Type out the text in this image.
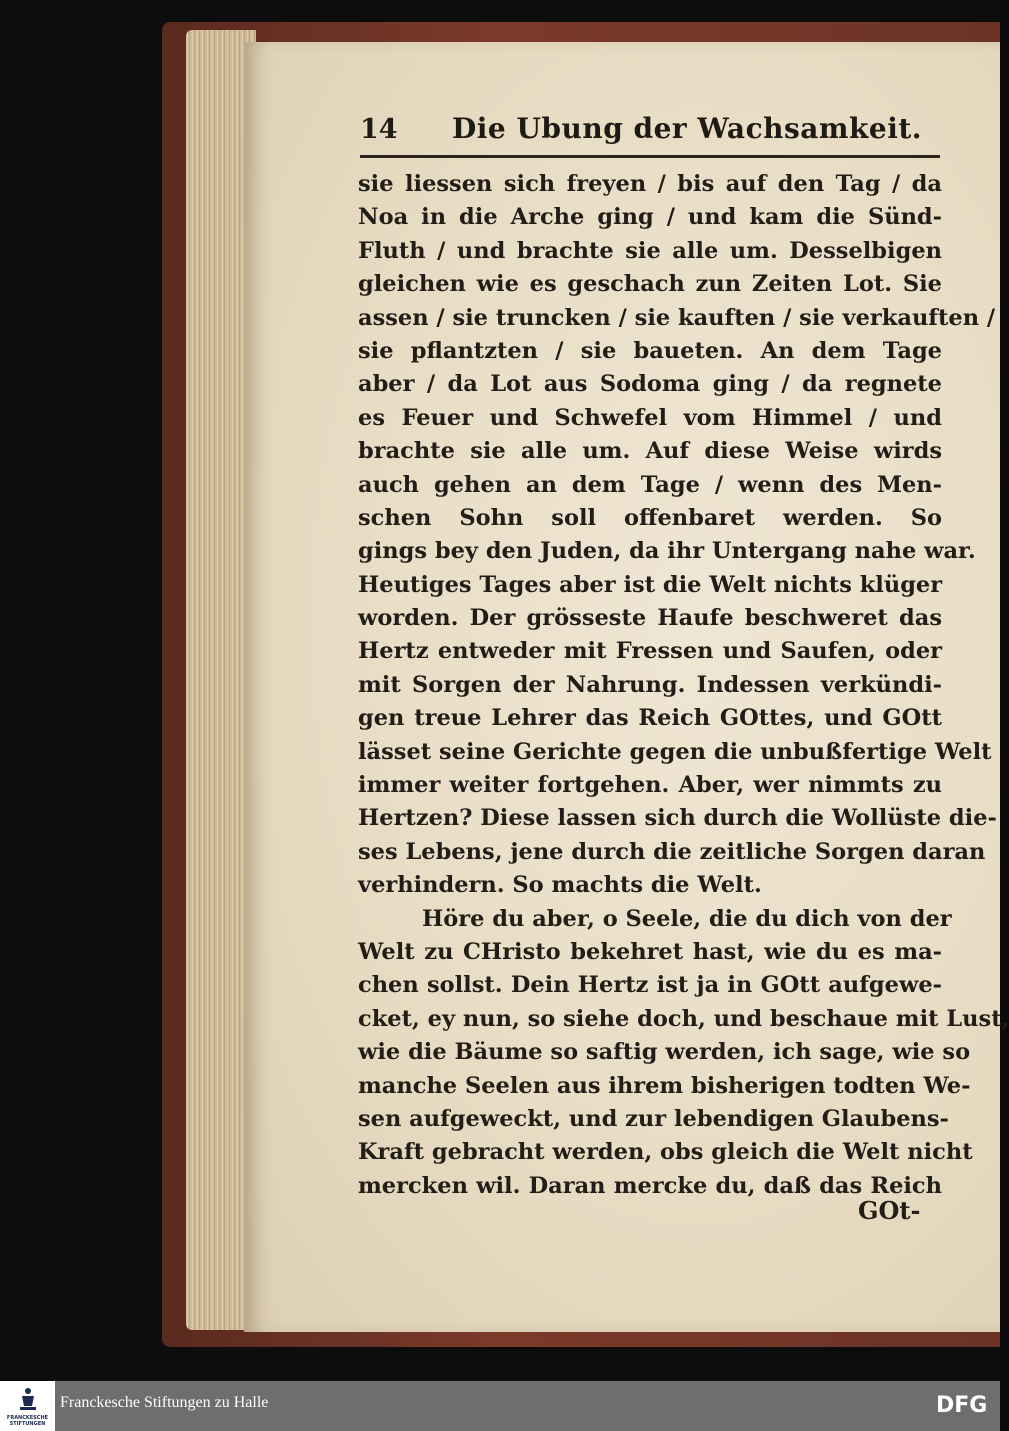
14 Die Ubung der Wachsamkeit.
sie liessen sich freyen / bis auf den Tag / da
Noa in die Arche ging / und kam die Sünd-
Fluth / und brachte sie alle um. Desselbigen
gleichen wie es geschach zun Zeiten Lot. Sie
assen / sie truncken / sie kauften / sie verkauften /
sie pflantzten / sie baueten. An dem Tage
aber / da Lot aus Sodoma ging / da regnete
es Feuer und Schwefel vom Himmel / und
brachte sie alle um. Auf diese Weise wirds
auch gehen an dem Tage / wenn des Men-
schen Sohn soll offenbaret werden. So
gings bey den Juden, da ihr Untergang nahe war.
Heutiges Tages aber ist die Welt nichts klüger
worden. Der grösseste Haufe beschweret das
Hertz entweder mit Fressen und Saufen, oder
mit Sorgen der Nahrung. Indessen verkündi-
gen treue Lehrer das Reich GOttes, und GOtt
lässet seine Gerichte gegen die unbußfertige Welt
immer weiter fortgehen. Aber, wer nimmts zu
Hertzen? Diese lassen sich durch die Wollüste die-
ses Lebens, jene durch die zeitliche Sorgen daran
verhindern. So machts die Welt.
Höre du aber, o Seele, die du dich von der
Welt zu CHristo bekehret hast, wie du es ma-
chen sollst. Dein Hertz ist ja in GOtt aufgewe-
cket, ey nun, so siehe doch, und beschaue mit Lust,
wie die Bäume so saftig werden, ich sage, wie so
manche Seelen aus ihrem bisherigen todten We-
sen aufgeweckt, und zur lebendigen Glaubens-
Kraft gebracht werden, obs gleich die Welt nicht
mercken wil. Daran mercke du, daß das Reich
GOt-
FRANCKESCHE STIFTUNGEN
Franckesche Stiftungen zu Halle	DFG
